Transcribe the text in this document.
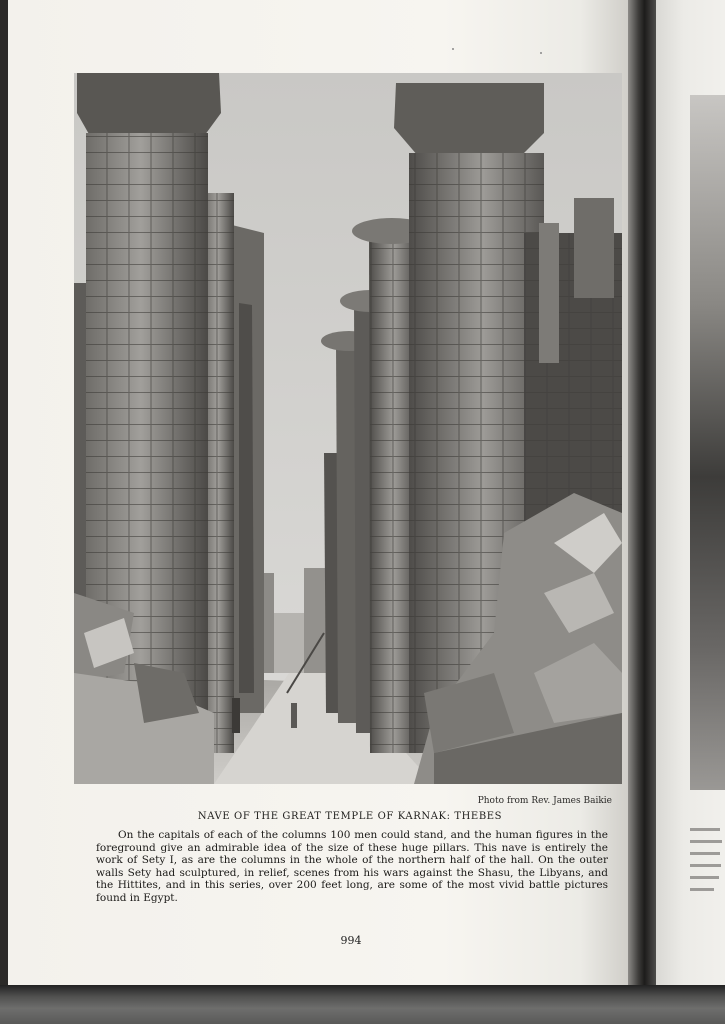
Photo from Rev. James Baikie
NAVE OF THE GREAT TEMPLE OF KARNAK: THEBES
On the capitals of each of the columns 100 men could stand, and the human figures in the foreground give an admirable idea of the size of these huge pillars. This nave is entirely the work of Sety I, as are the columns in the whole of the northern half of the hall. On the outer walls Sety had sculptured, in relief, scenes from his wars against the Shasu, the Libyans, and the Hittites, and in this series, over 200 feet long, are some of the most vivid battle pictures found in Egypt.
994
